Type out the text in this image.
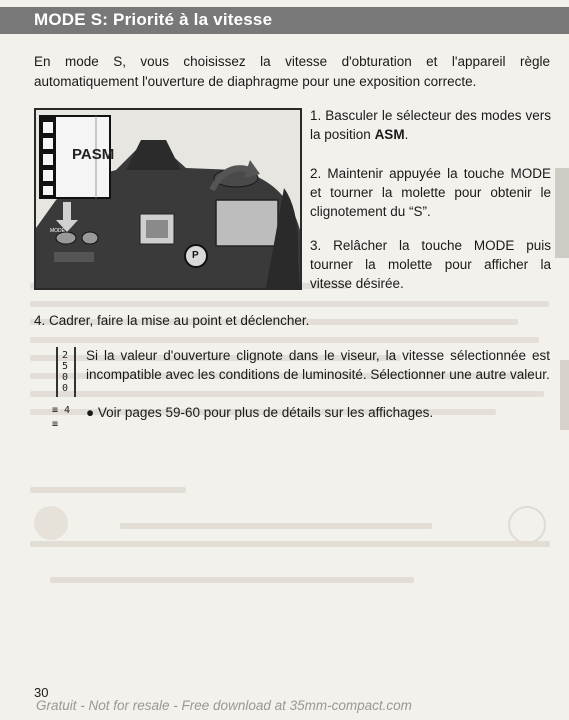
MODE S: Priorité à la vitesse
En mode S, vous choisissez la vitesse d'obturation et l'appareil règle automatiquement l'ouverture de diaphragme pour une exposition correcte.
PASM
MODE
P
1. Basculer le sélecteur des modes vers la position ASM.
2. Maintenir appuyée la touche MODE et tourner la molette pour obtenir le clignotement du “S”.
3. Relâcher la touche MODE puis tourner la molette pour afficher la vitesse désirée.
4. Cadrer, faire la mise au point et déclencher.
2
5
0
0
≡ 4 ≡
Si la valeur d'ouverture clignote dans le viseur, la vitesse sélectionnée est incompatible avec les conditions de luminosité. Sélectionner une autre valeur.
● Voir pages 59-60 pour plus de détails sur les affichages.
30
Gratuit - Not for resale - Free download at 35mm-compact.com
